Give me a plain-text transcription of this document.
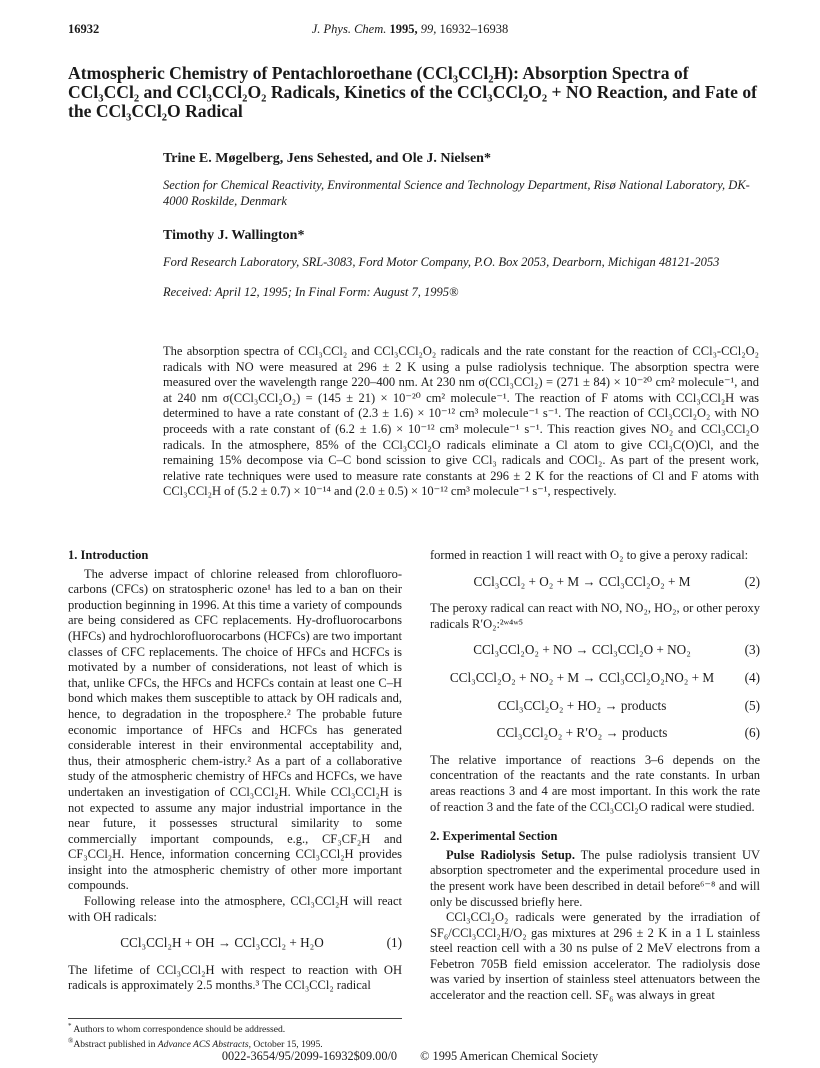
16932	J. Phys. Chem. 1995, 99, 16932–16938
Atmospheric Chemistry of Pentachloroethane (CCl₃CCl₂H): Absorption Spectra of CCl₃CCl₂ and CCl₃CCl₂O₂ Radicals, Kinetics of the CCl₃CCl₂O₂ + NO Reaction, and Fate of the CCl₃CCl₂O Radical
Trine E. Møgelberg, Jens Sehested, and Ole J. Nielsen*
Section for Chemical Reactivity, Environmental Science and Technology Department, Risø National Laboratory, DK-4000 Roskilde, Denmark
Timothy J. Wallington*
Ford Research Laboratory, SRL-3083, Ford Motor Company, P.O. Box 2053, Dearborn, Michigan 48121-2053
Received: April 12, 1995; In Final Form: August 7, 1995®
The absorption spectra of CCl₃CCl₂ and CCl₃CCl₂O₂ radicals and the rate constant for the reaction of CCl₃-CCl₂O₂ radicals with NO were measured at 296 ± 2 K using a pulse radiolysis technique. The absorption spectra were measured over the wavelength range 220–400 nm. At 230 nm σ(CCl₃CCl₂) = (271 ± 84) × 10⁻²⁰ cm² molecule⁻¹, and at 240 nm σ(CCl₃CCl₂O₂) = (145 ± 21) × 10⁻²⁰ cm² molecule⁻¹. The reaction of F atoms with CCl₃CCl₂H was determined to have a rate constant of (2.3 ± 1.6) × 10⁻¹² cm³ molecule⁻¹ s⁻¹. The reaction of CCl₃CCl₂O₂ with NO proceeds with a rate constant of (6.2 ± 1.6) × 10⁻¹² cm³ molecule⁻¹ s⁻¹. This reaction gives NO₂ and CCl₃CCl₂O radicals. In the atmosphere, 85% of the CCl₃CCl₂O radicals eliminate a Cl atom to give CCl₃C(O)Cl, and the remaining 15% decompose via C–C bond scission to give CCl₃ radicals and COCl₂. As part of the present work, relative rate techniques were used to measure rate constants at 296 ± 2 K for the reactions of Cl and F atoms with CCl₃CCl₂H of (5.2 ± 0.7) × 10⁻¹⁴ and (2.0 ± 0.5) × 10⁻¹² cm³ molecule⁻¹ s⁻¹, respectively.
1. Introduction

The adverse impact of chlorine released from chlorofluoro-carbons (CFCs) on stratospheric ozone¹ has led to a ban on their production beginning in 1996. At this time a variety of compounds are being considered as CFC replacements. Hy-drofluorocarbons (HFCs) and hydrochlorofluorocarbons (HCFCs) are two important classes of CFC replacements. The choice of HFCs and HCFCs is motivated by a number of considerations, not least of which is that, unlike CFCs, the HFCs and HCFCs contain at least one C–H bond which makes them susceptible to attack by OH radicals and, hence, to degradation in the troposphere.² The probable future economic importance of HFCs and HCFCs has generated considerable interest in their environmental acceptability and, thus, their atmospheric chem-istry.² As a part of a collaborative study of the atmospheric chemistry of HFCs and HCFCs, we have undertaken an investigation of CCl₃CCl₂H. While CCl₃CCl₂H is not expected to assume any major industrial importance in the near future, it possesses structural similarity to some commercially important compounds, e.g., CF₃CF₂H and CF₃CCl₂H. Hence, information concerning CCl₃CCl₂H provides insight into the atmospheric chemistry of other more important compounds.

Following release into the atmosphere, CCl₃CCl₂H will react with OH radicals:

CCl₃CCl₂H + OH → CCl₃CCl₂ + H₂O	(1)

The lifetime of CCl₃CCl₂H with respect to reaction with OH radicals is approximately 2.5 months.³ The CCl₃CCl₂ radical

formed in reaction 1 will react with O₂ to give a peroxy radical:

CCl₃CCl₂ + O₂ + M → CCl₃CCl₂O₂ + M	(2)

The peroxy radical can react with NO, NO₂, HO₂, or other peroxy radicals R′O₂:²ʷ⁴ʷ⁵

CCl₃CCl₂O₂ + NO → CCl₃CCl₂O + NO₂	(3)
CCl₃CCl₂O₂ + NO₂ + M → CCl₃CCl₂O₂NO₂ + M	(4)
CCl₃CCl₂O₂ + HO₂ → products	(5)
CCl₃CCl₂O₂ + R′O₂ → products	(6)

The relative importance of reactions 3–6 depends on the concentration of the reactants and the rate constants. In urban areas reactions 3 and 4 are most important. In this work the rate of reaction 3 and the fate of the CCl₃CCl₂O radical were studied.

2. Experimental Section

Pulse Radiolysis Setup. The pulse radiolysis transient UV absorption spectrometer and the experimental procedure used in the present work have been described in detail before⁶⁻⁸ and will only be discussed briefly here.

CCl₃CCl₂O₂ radicals were generated by the irradiation of SF₆/CCl₃CCl₂H/O₂ gas mixtures at 296 ± 2 K in a 1 L stainless steel reaction cell with a 30 ns pulse of 2 MeV electrons from a Febetron 705B field emission accelerator. The radiolysis dose was varied by insertion of stainless steel attenuators between the accelerator and the reaction cell. SF₆ was always in great

* Authors to whom correspondence should be addressed.
®Abstract published in Advance ACS Abstracts, October 15, 1995.
0022-3654/95/2099-16932$09.00/0 © 1995 American Chemical Society
